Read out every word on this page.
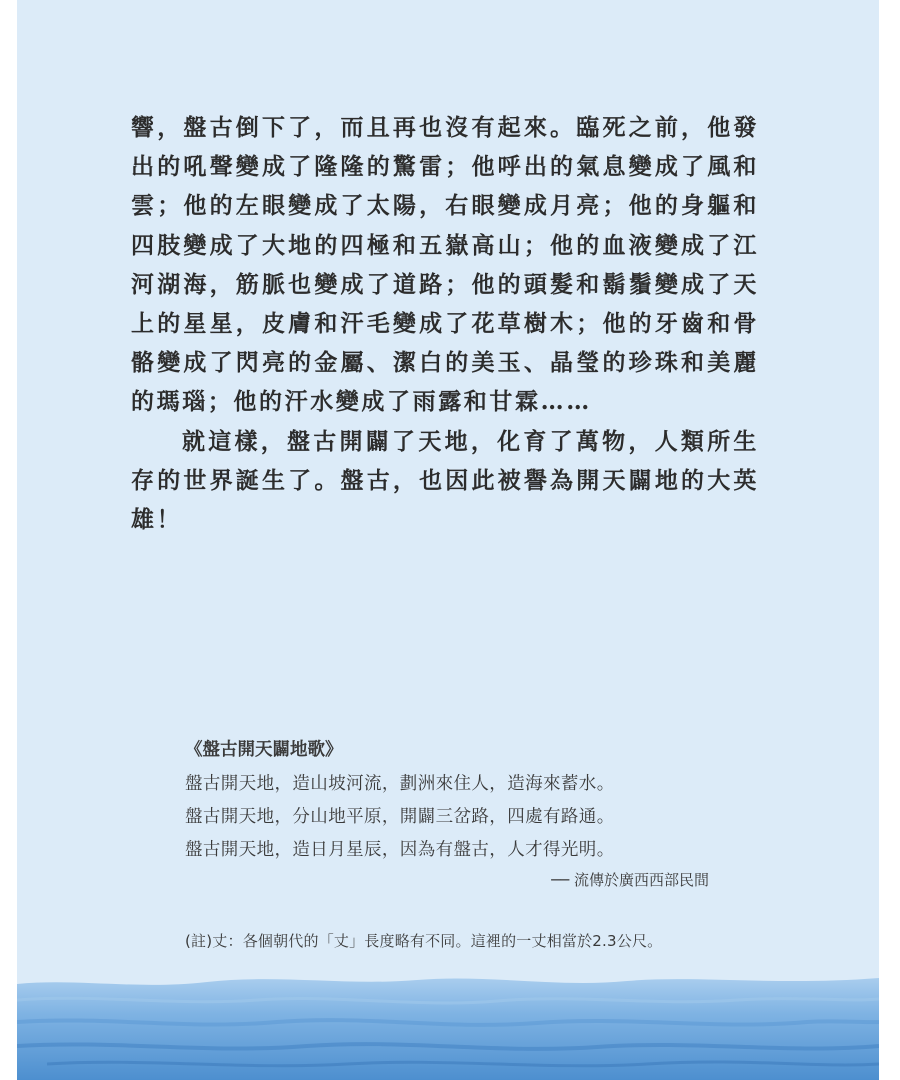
響，盤古倒下了，而且再也沒有起來。臨死之前，他發出的吼聲變成了隆隆的驚雷；他呼出的氣息變成了風和雲；他的左眼變成了太陽，右眼變成月亮；他的身軀和四肢變成了大地的四極和五嶽高山；他的血液變成了江河湖海，筋脈也變成了道路；他的頭髮和鬍鬚變成了天上的星星，皮膚和汗毛變成了花草樹木；他的牙齒和骨骼變成了閃亮的金屬、潔白的美玉、晶瑩的珍珠和美麗的瑪瑙；他的汗水變成了雨露和甘霖……

就這樣，盤古開闢了天地，化育了萬物，人類所生存的世界誕生了。盤古，也因此被譽為開天闢地的大英雄！

《盤古開天闢地歌》

盤古開天地，造山坡河流，劃洲來住人，造海來蓄水。

盤古開天地，分山地平原，開闢三岔路，四處有路通。

盤古開天地，造日月星辰，因為有盤古，人才得光明。

── 流傳於廣西西部民間

(註)丈：各個朝代的「丈」長度略有不同。這裡的一丈相當於2.3公尺。
